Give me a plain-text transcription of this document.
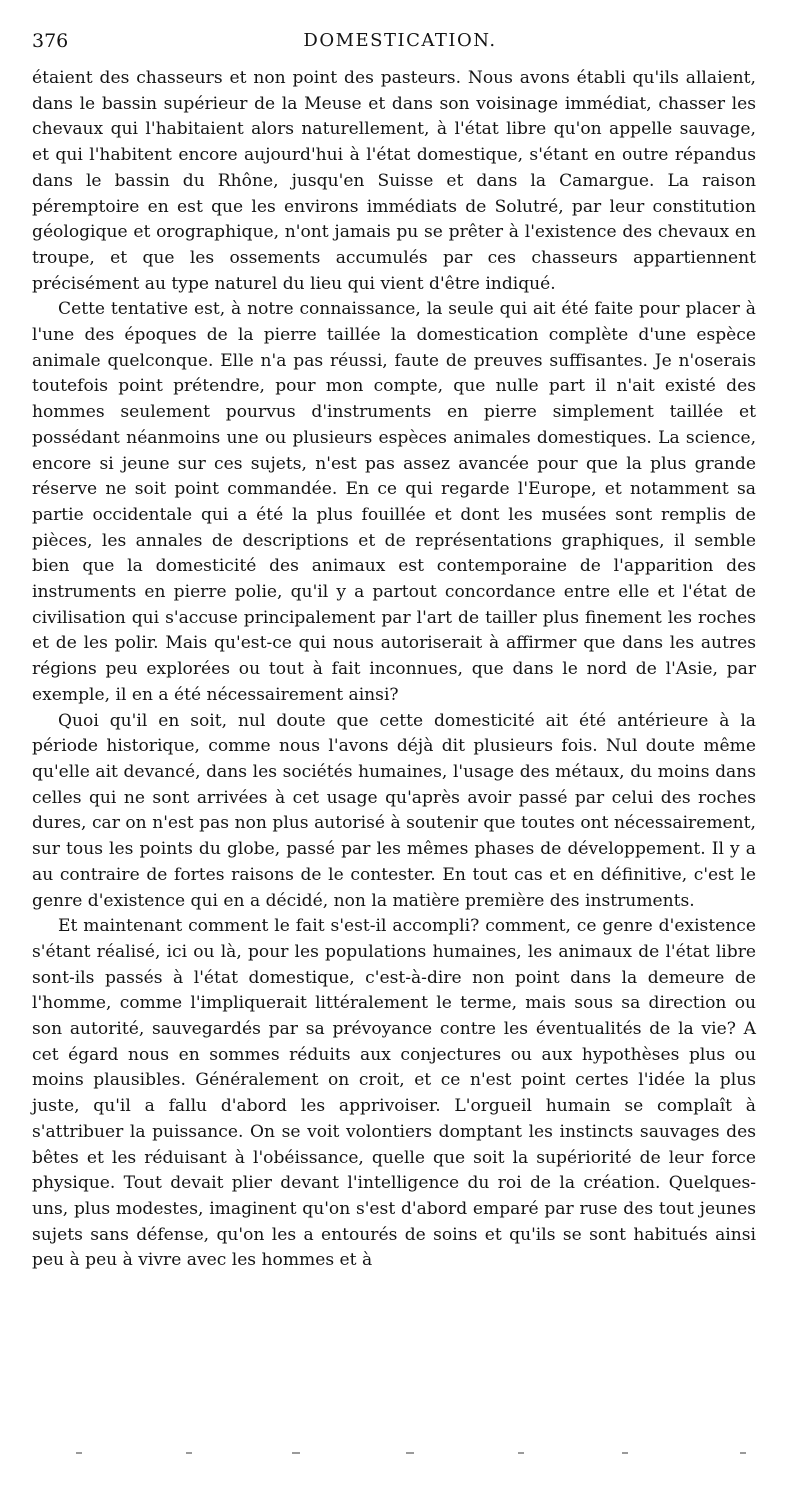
376	DOMESTICATION.

étaient des chasseurs et non point des pasteurs. Nous avons établi qu'ils allaient, dans le bassin supérieur de la Meuse et dans son voisinage immédiat, chasser les chevaux qui l'habitaient alors naturellement, à l'état libre qu'on appelle sauvage, et qui l'habitent encore aujourd'hui à l'état domestique, s'étant en outre répandus dans le bassin du Rhône, jusqu'en Suisse et dans la Camargue. La raison péremptoire en est que les environs immédiats de Solutré, par leur constitution géologique et orographique, n'ont jamais pu se prêter à l'existence des chevaux en troupe, et que les ossements accumulés par ces chasseurs appartiennent précisément au type naturel du lieu qui vient d'être indiqué.

Cette tentative est, à notre connaissance, la seule qui ait été faite pour placer à l'une des époques de la pierre taillée la domestication complète d'une espèce animale quelconque. Elle n'a pas réussi, faute de preuves suffisantes. Je n'oserais toutefois point prétendre, pour mon compte, que nulle part il n'ait existé des hommes seulement pourvus d'instruments en pierre simplement taillée et possédant néanmoins une ou plusieurs espèces animales domestiques. La science, encore si jeune sur ces sujets, n'est pas assez avancée pour que la plus grande réserve ne soit point commandée. En ce qui regarde l'Europe, et notamment sa partie occidentale qui a été la plus fouillée et dont les musées sont remplis de pièces, les annales de descriptions et de représentations graphiques, il semble bien que la domesticité des animaux est contemporaine de l'apparition des instruments en pierre polie, qu'il y a partout concordance entre elle et l'état de civilisation qui s'accuse principalement par l'art de tailler plus finement les roches et de les polir. Mais qu'est-ce qui nous autoriserait à affirmer que dans les autres régions peu explorées ou tout à fait inconnues, que dans le nord de l'Asie, par exemple, il en a été nécessairement ainsi?

Quoi qu'il en soit, nul doute que cette domesticité ait été antérieure à la période historique, comme nous l'avons déjà dit plusieurs fois. Nul doute même qu'elle ait devancé, dans les sociétés humaines, l'usage des métaux, du moins dans celles qui ne sont arrivées à cet usage qu'après avoir passé par celui des roches dures, car on n'est pas non plus autorisé à soutenir que toutes ont nécessairement, sur tous les points du globe, passé par les mêmes phases de développement. Il y a au contraire de fortes raisons de le contester. En tout cas et en définitive, c'est le genre d'existence qui en a décidé, non la matière première des instruments.

Et maintenant comment le fait s'est-il accompli? comment, ce genre d'existence s'étant réalisé, ici ou là, pour les populations humaines, les animaux de l'état libre sont-ils passés à l'état domestique, c'est-à-dire non point dans la demeure de l'homme, comme l'impliquerait littéralement le terme, mais sous sa direction ou son autorité, sauvegardés par sa prévoyance contre les éventualités de la vie? A cet égard nous en sommes réduits aux conjectures ou aux hypothèses plus ou moins plausibles. Généralement on croit, et ce n'est point certes l'idée la plus juste, qu'il a fallu d'abord les apprivoiser. L'orgueil humain se complaît à s'attribuer la puissance. On se voit volontiers domptant les instincts sauvages des bêtes et les réduisant à l'obéissance, quelle que soit la supériorité de leur force physique. Tout devait plier devant l'intelligence du roi de la création. Quelques-uns, plus modestes, imaginent qu'on s'est d'abord emparé par ruse des tout jeunes sujets sans défense, qu'on les a entourés de soins et qu'ils se sont habitués ainsi peu à peu à vivre avec les hommes et à
